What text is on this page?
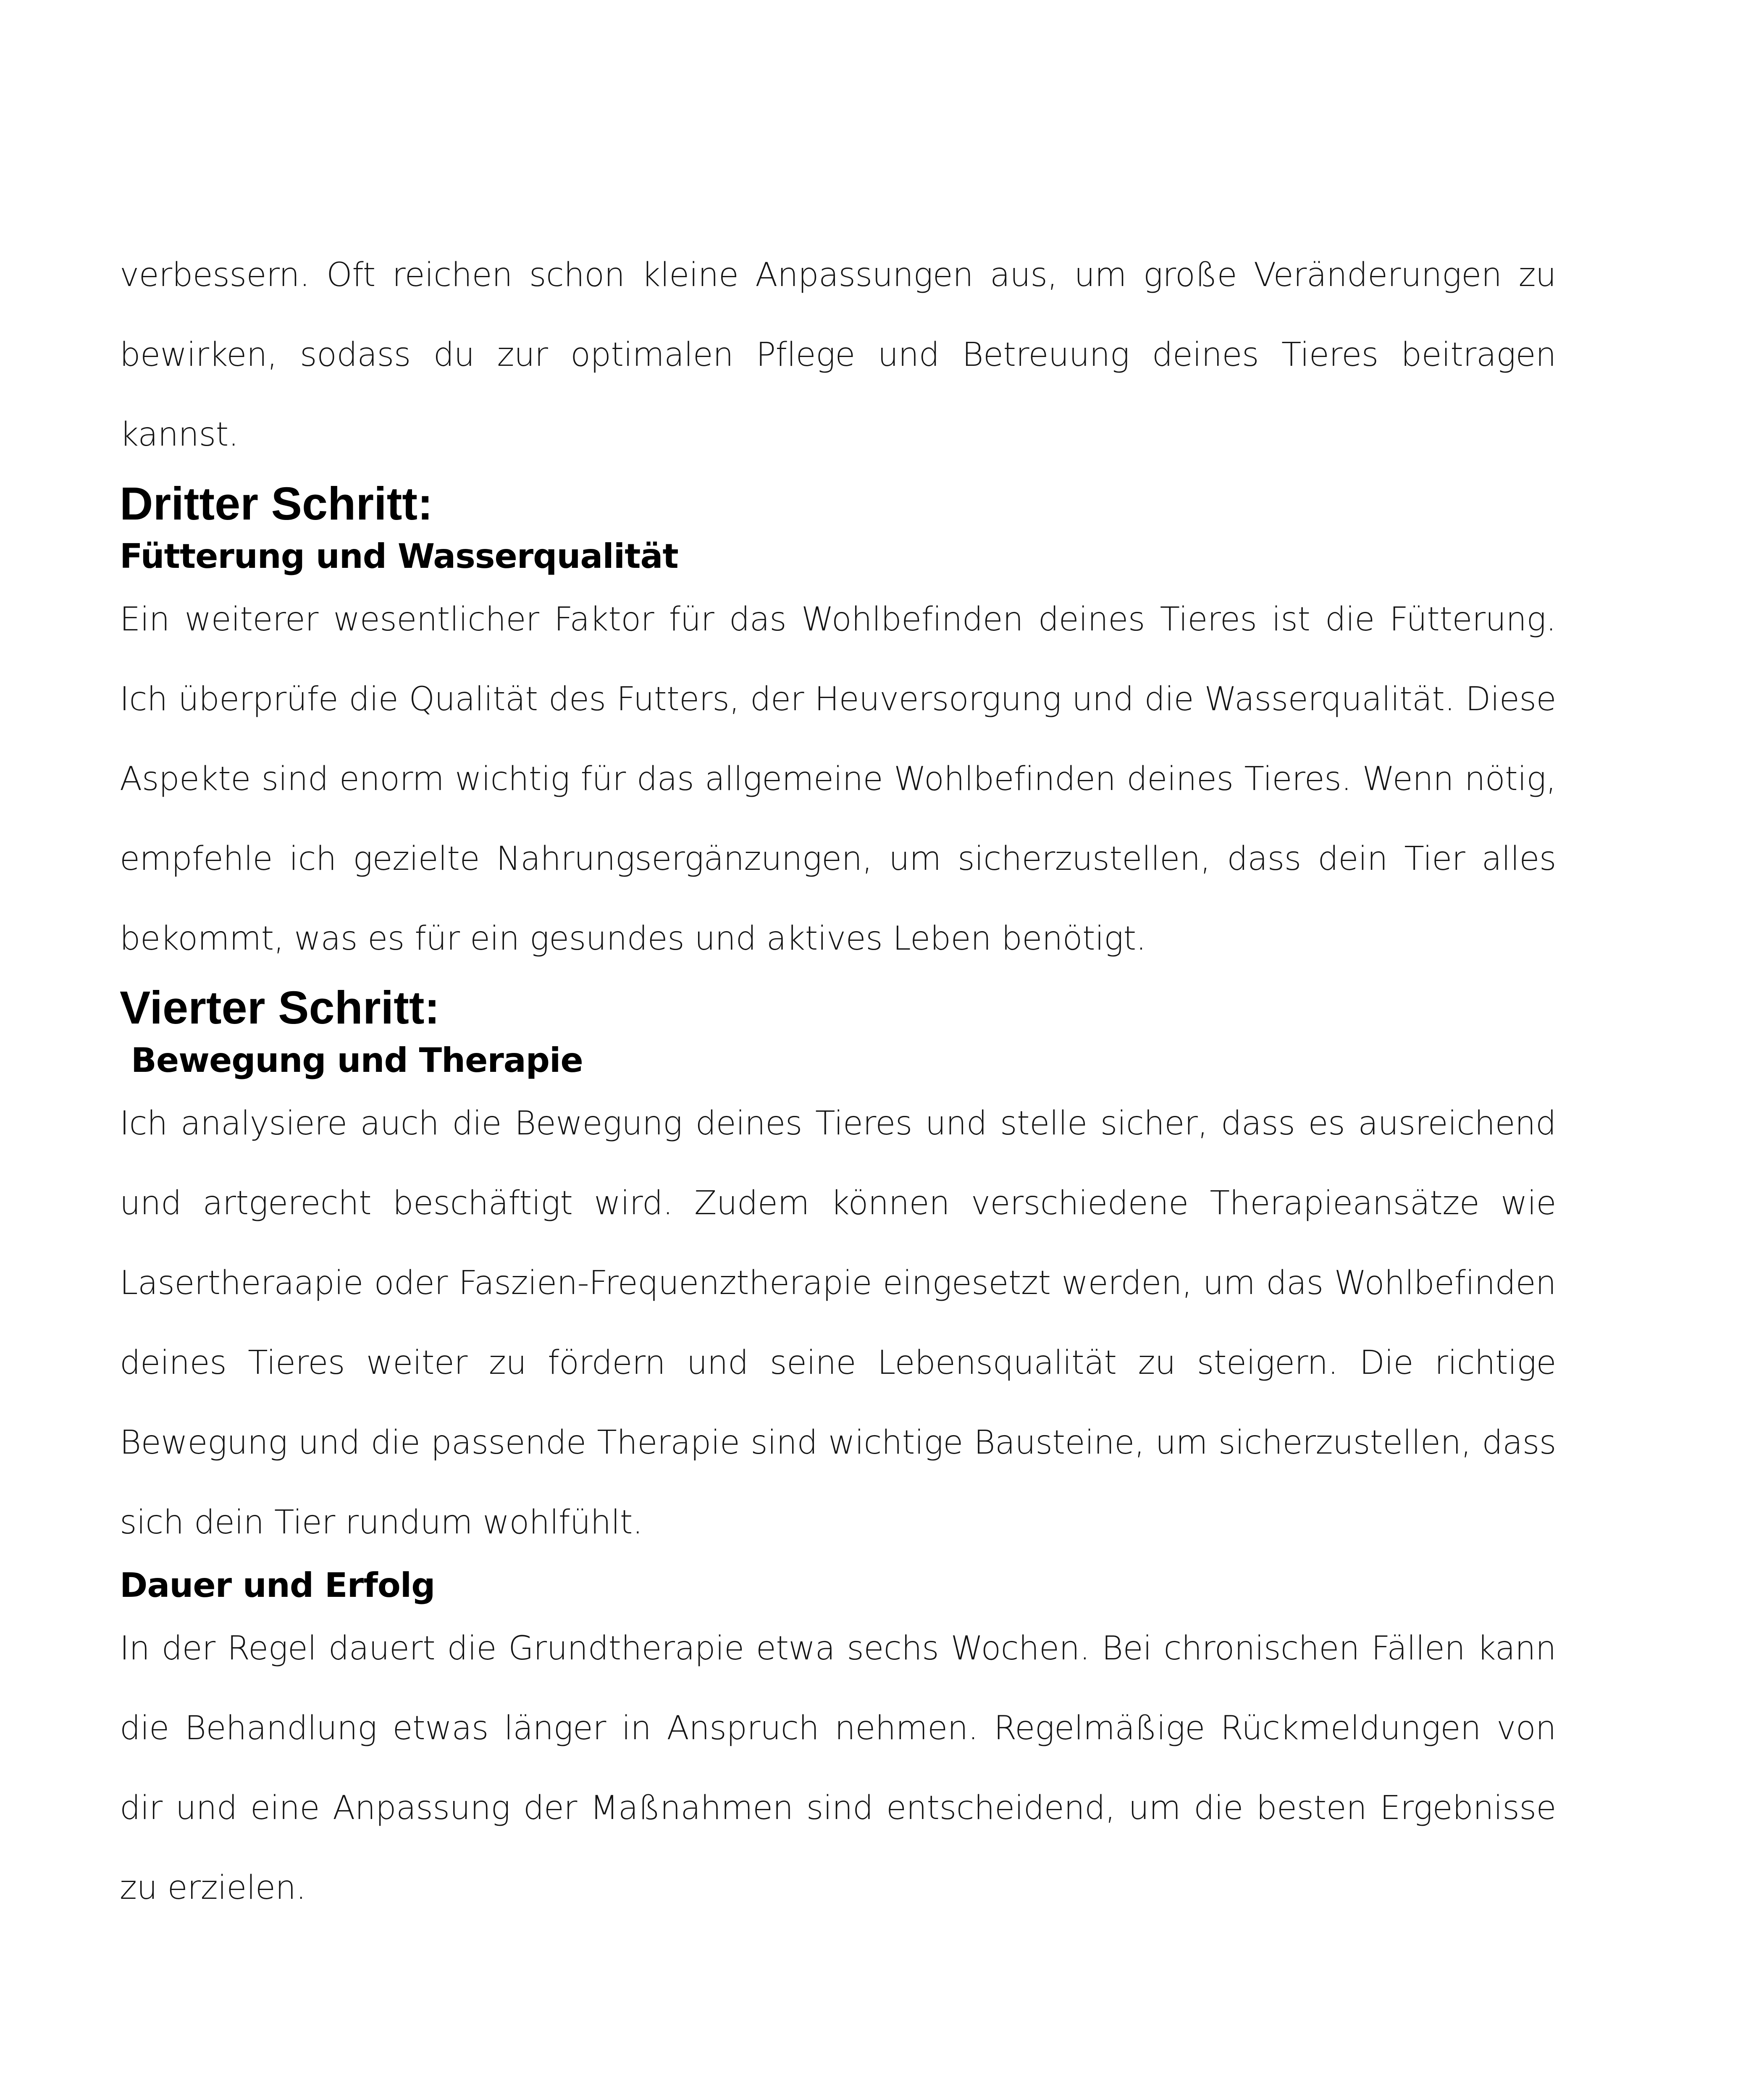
verbessern. Oft reichen schon kleine Anpassungen aus, um große Veränderungen zu bewirken, sodass du zur optimalen Pflege und Betreuung deines Tieres beitragen kannst.

Dritter Schritt:
Fütterung und Wasserqualität

Ein weiterer wesentlicher Faktor für das Wohlbefinden deines Tieres ist die Fütterung. Ich überprüfe die Qualität des Futters, der Heuversorgung und die Wasserqualität. Diese Aspekte sind enorm wichtig für das allgemeine Wohlbefinden deines Tieres. Wenn nötig, empfehle ich gezielte Nahrungsergänzungen, um sicherzustellen, dass dein Tier alles bekommt, was es für ein gesundes und aktives Leben benötigt.

Vierter Schritt:
Bewegung und Therapie

Ich analysiere auch die Bewegung deines Tieres und stelle sicher, dass es ausreichend und artgerecht beschäftigt wird. Zudem können verschiedene Therapieansätze wie Lasertheraapie oder Faszien-Frequenztherapie eingesetzt werden, um das Wohlbefinden deines Tieres weiter zu fördern und seine Lebensqualität zu steigern. Die richtige Bewegung und die passende Therapie sind wichtige Bausteine, um sicherzustellen, dass sich dein Tier rundum wohlfühlt.

Dauer und Erfolg

In der Regel dauert die Grundtherapie etwa sechs Wochen. Bei chronischen Fällen kann die Behandlung etwas länger in Anspruch nehmen. Regelmäßige Rückmeldungen von dir und eine Anpassung der Maßnahmen sind entscheidend, um die besten Ergebnisse zu erzielen.
